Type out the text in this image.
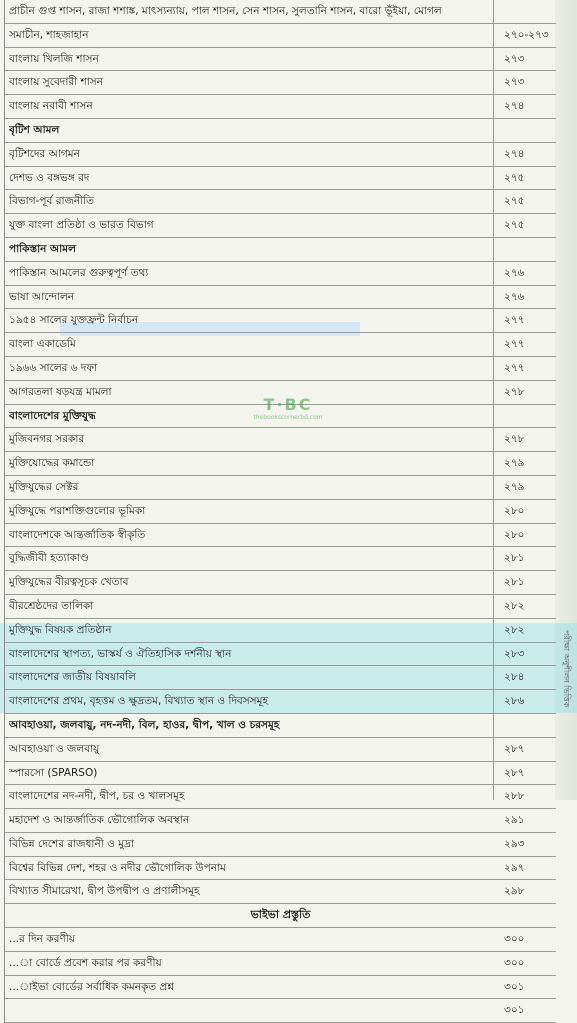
প্রাচীন গুপ্ত শাসন, রাজা শশাঙ্ক, মাৎস্যন্যায়, পাল শাসন, সেন শাসন, সুলতানি শাসন, বারো ভূঁইয়া, মোগল
সমাচীন, শাহজাহান	২৭০-২৭৩
বাংলায় খিলজি শাসন	২৭৩
বাংলায় সুবেদারী শাসন	২৭৩
বাংলায় নবাবী শাসন	২৭৪
বৃটিশ আমল
বৃটিশদের আগমন	২৭৪
দেশভ ও বঙ্গভঙ্গ রদ	২৭৫
বিভাগ-পূর্ব রাজনীতি	২৭৫
যুক্ত বাংলা প্রতিষ্ঠা ও ভারত বিভাগ	২৭৫
পাকিস্তান আমল
পাকিস্তান আমলের গুরুত্বপূর্ণ তথ্য	২৭৬
ভাষা আন্দোলন	২৭৬
১৯৫৪ সালের যুক্তফ্রন্ট নির্বাচন	২৭৭
বাংলা একাডেমি	২৭৭
১৯৬৬ সালের ৬ দফা	২৭৭
আগরতলা ষড়যন্ত্র মামলা	২৭৮
বাংলাদেশের মুক্তিযুদ্ধ
মুজিবনগর সরকার	২৭৮
মুক্তিযোদ্ধের কমান্ডো	২৭৯
মুক্তিযুদ্ধের সেক্টর	২৭৯
মুক্তিযুদ্ধে পরাশক্তিগুলোর ভূমিকা	২৮০
বাংলাদেশকে আন্তর্জাতিক স্বীকৃতি	২৮০
বুদ্ধিজীবী হত্যাকাণ্ড	২৮১
মুক্তিযুদ্ধের বীরত্বসূচক খেতাব	২৮১
বীরশ্রেষ্ঠদের তালিকা	২৮২
মুক্তিযুদ্ধ বিষয়ক প্রতিষ্ঠান	২৮২
বাংলাদেশের স্থাপত্য, ভাস্কর্য ও ঐতিহাসিক দর্শনীয় স্থান	২৮৩
বাংলাদেশের জাতীয় বিষয়াবলি	২৮৪
বাংলাদেশের প্রথম, বৃহত্তম ও ক্ষুদ্রতম, বিখ্যাত স্থান ও দিবসসমূহ	২৮৬
আবহাওয়া, জলবায়ু, নদ-নদী, বিল, হাওর, দ্বীপ, খাল ও চরসমূহ
আবহাওয়া ও জলবায়ু	২৮৭
স্পারসো (SPARSO)	২৮৭
বাংলাদেশের নদ-নদী, দ্বীপ, চর ও খালসমূহ	২৮৮
মহাদেশ ও আন্তর্জাতিক ভৌগোলিক অবস্থান	২৯১
বিভিন্ন দেশের রাজধানী ও মুদ্রা	২৯৩
বিশ্বের বিভিন্ন দেশ, শহর ও নদীর ভৌগোলিক উপনাম	২৯৭
বিখ্যাত সীমারেখা, দ্বীপ উপদ্বীপ ও প্রণালীসমূহ	২৯৮
ভাইভা প্রস্তুতি
...র দিন করণীয়	৩০০
...া বোর্ডে প্রবেশ করার পর করণীয়	৩০০
...াইভা বোর্ডের সর্বাধিক কমনকৃত প্রশ্ন	৩০১
৩০১
T·BC
thebookscornerbd.com
পরীক্ষা অনুশীলন ভিত্তিক
